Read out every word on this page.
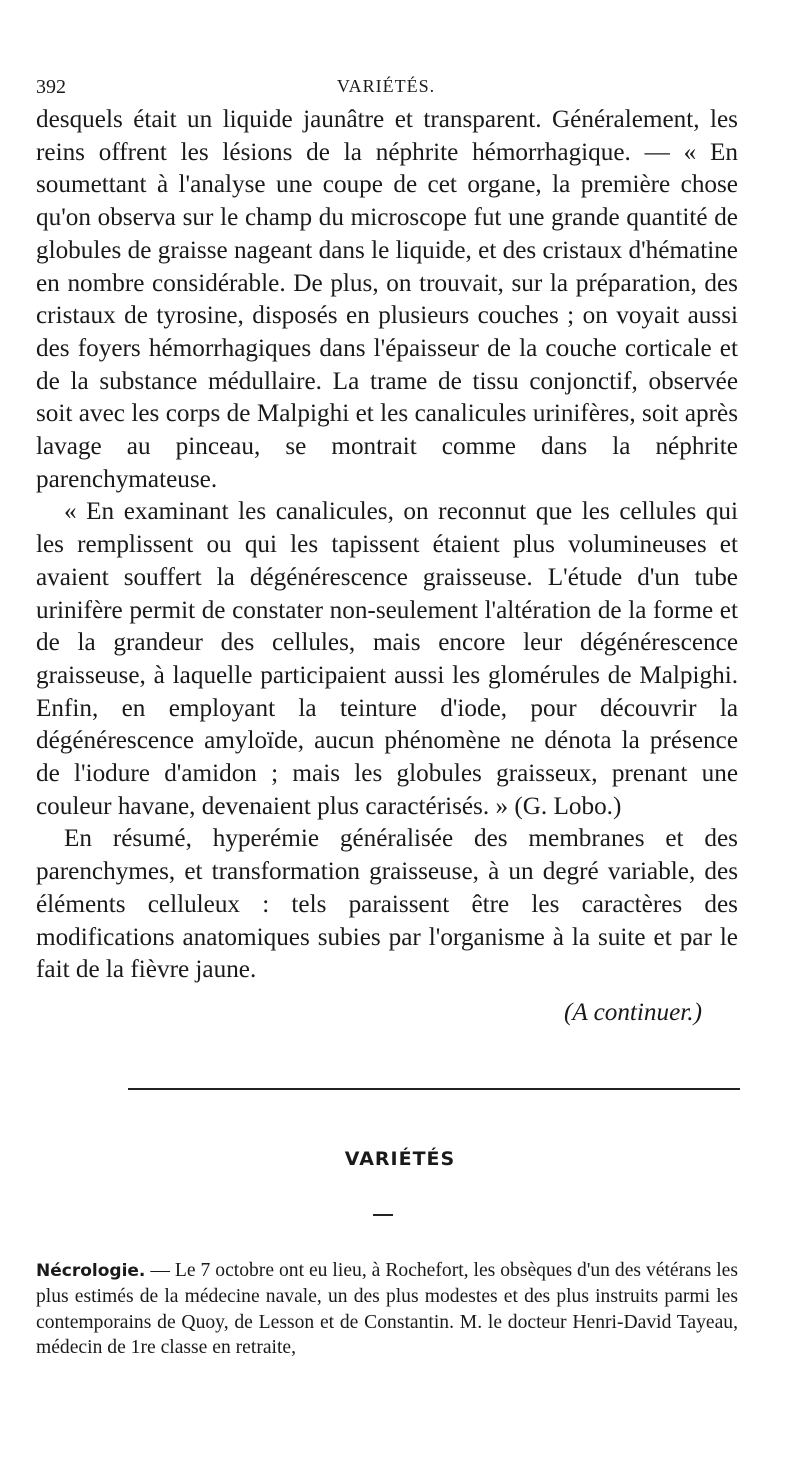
392	VARIÉTÉS.

desquels était un liquide jaunâtre et transparent. Généralement, les reins offrent les lésions de la néphrite hémorrhagique. — « En soumettant à l'analyse une coupe de cet organe, la première chose qu'on observa sur le champ du microscope fut une grande quantité de globules de graisse nageant dans le liquide, et des cristaux d'hématine en nombre considérable. De plus, on trouvait, sur la préparation, des cristaux de tyrosine, disposés en plusieurs couches ; on voyait aussi des foyers hémorrhagiques dans l'épaisseur de la couche corticale et de la substance médullaire. La trame de tissu conjonctif, observée soit avec les corps de Malpighi et les canalicules urinifères, soit après lavage au pinceau, se montrait comme dans la néphrite parenchymateuse.

« En examinant les canalicules, on reconnut que les cellules qui les remplissent ou qui les tapissent étaient plus volumineuses et avaient souffert la dégénérescence graisseuse. L'étude d'un tube urinifère permit de constater non-seulement l'altération de la forme et de la grandeur des cellules, mais encore leur dégénérescence graisseuse, à laquelle participaient aussi les glomérules de Malpighi. Enfin, en employant la teinture d'iode, pour découvrir la dégénérescence amyloïde, aucun phénomène ne dénota la présence de l'iodure d'amidon ; mais les globules graisseux, prenant une couleur havane, devenaient plus caractérisés. » (G. Lobo.)

En résumé, hyperémie généralisée des membranes et des parenchymes, et transformation graisseuse, à un degré variable, des éléments celluleux : tels paraissent être les caractères des modifications anatomiques subies par l'organisme à la suite et par le fait de la fièvre jaune.

(A continuer.)

VARIÉTÉS

Nécrologie. — Le 7 octobre ont eu lieu, à Rochefort, les obsèques d'un des vétérans les plus estimés de la médecine navale, un des plus modestes et des plus instruits parmi les contemporains de Quoy, de Lesson et de Constantin. M. le docteur Henri-David Tayeau, médecin de 1re classe en retraite,
